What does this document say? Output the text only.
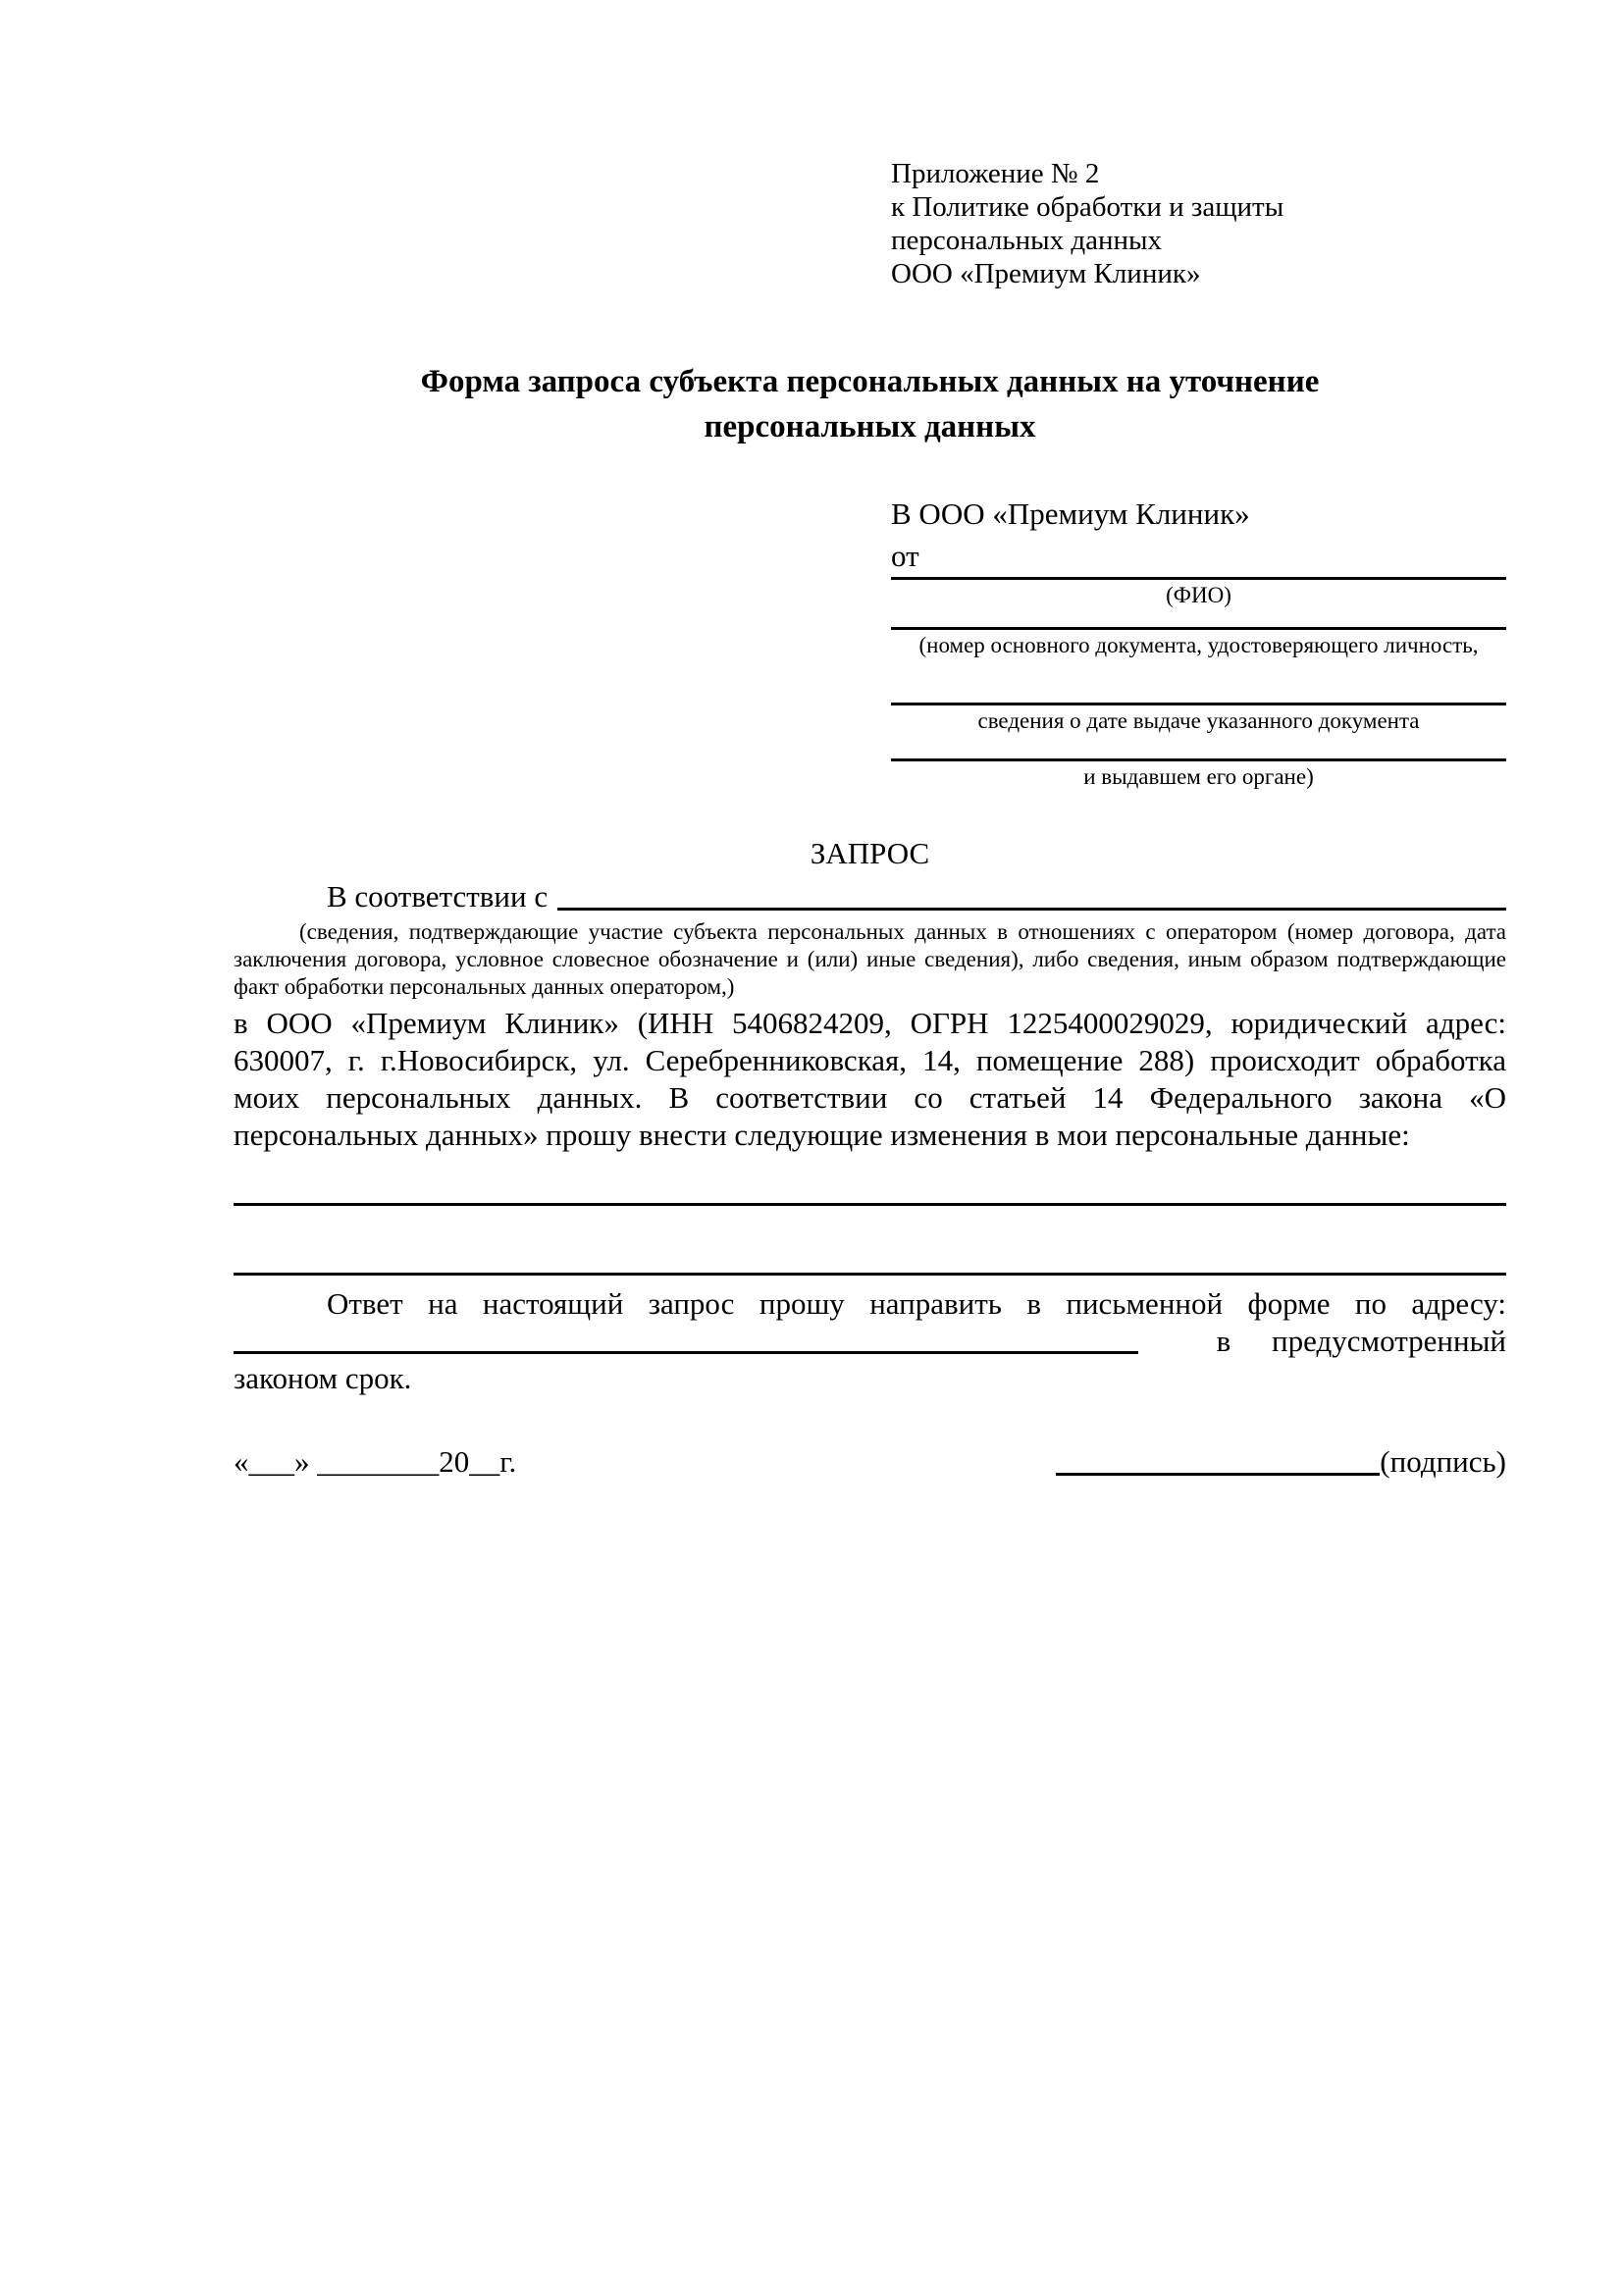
Приложение № 2
к Политике обработки и защиты
персональных данных
ООО «Премиум Клиник»
Форма запроса субъекта персональных данных на уточнение персональных данных
В ООО «Премиум Клиник»
от
(ФИО)
(номер основного документа, удостоверяющего личность,
сведения о дате выдаче указанного документа
и выдавшем его органе)
ЗАПРОС
В соответствии с
(сведения, подтверждающие участие субъекта персональных данных в отношениях с оператором (номер договора, дата заключения договора, условное словесное обозначение и (или) иные сведения), либо сведения, иным образом подтверждающие факт обработки персональных данных оператором,)
в ООО «Премиум Клиник» (ИНН 5406824209, ОГРН 1225400029029, юридический адрес: 630007, г. г.Новосибирск, ул. Серебренниковская, 14, помещение 288) происходит обработка моих персональных данных. В соответствии со статьей 14 Федерального закона «О персональных данных» прошу внести следующие изменения в мои персональные данные:
Ответ на настоящий запрос прошу направить в письменной форме по адресу:
в предусмотренный
законом срок.
«___» ________20__г.	(подпись)
